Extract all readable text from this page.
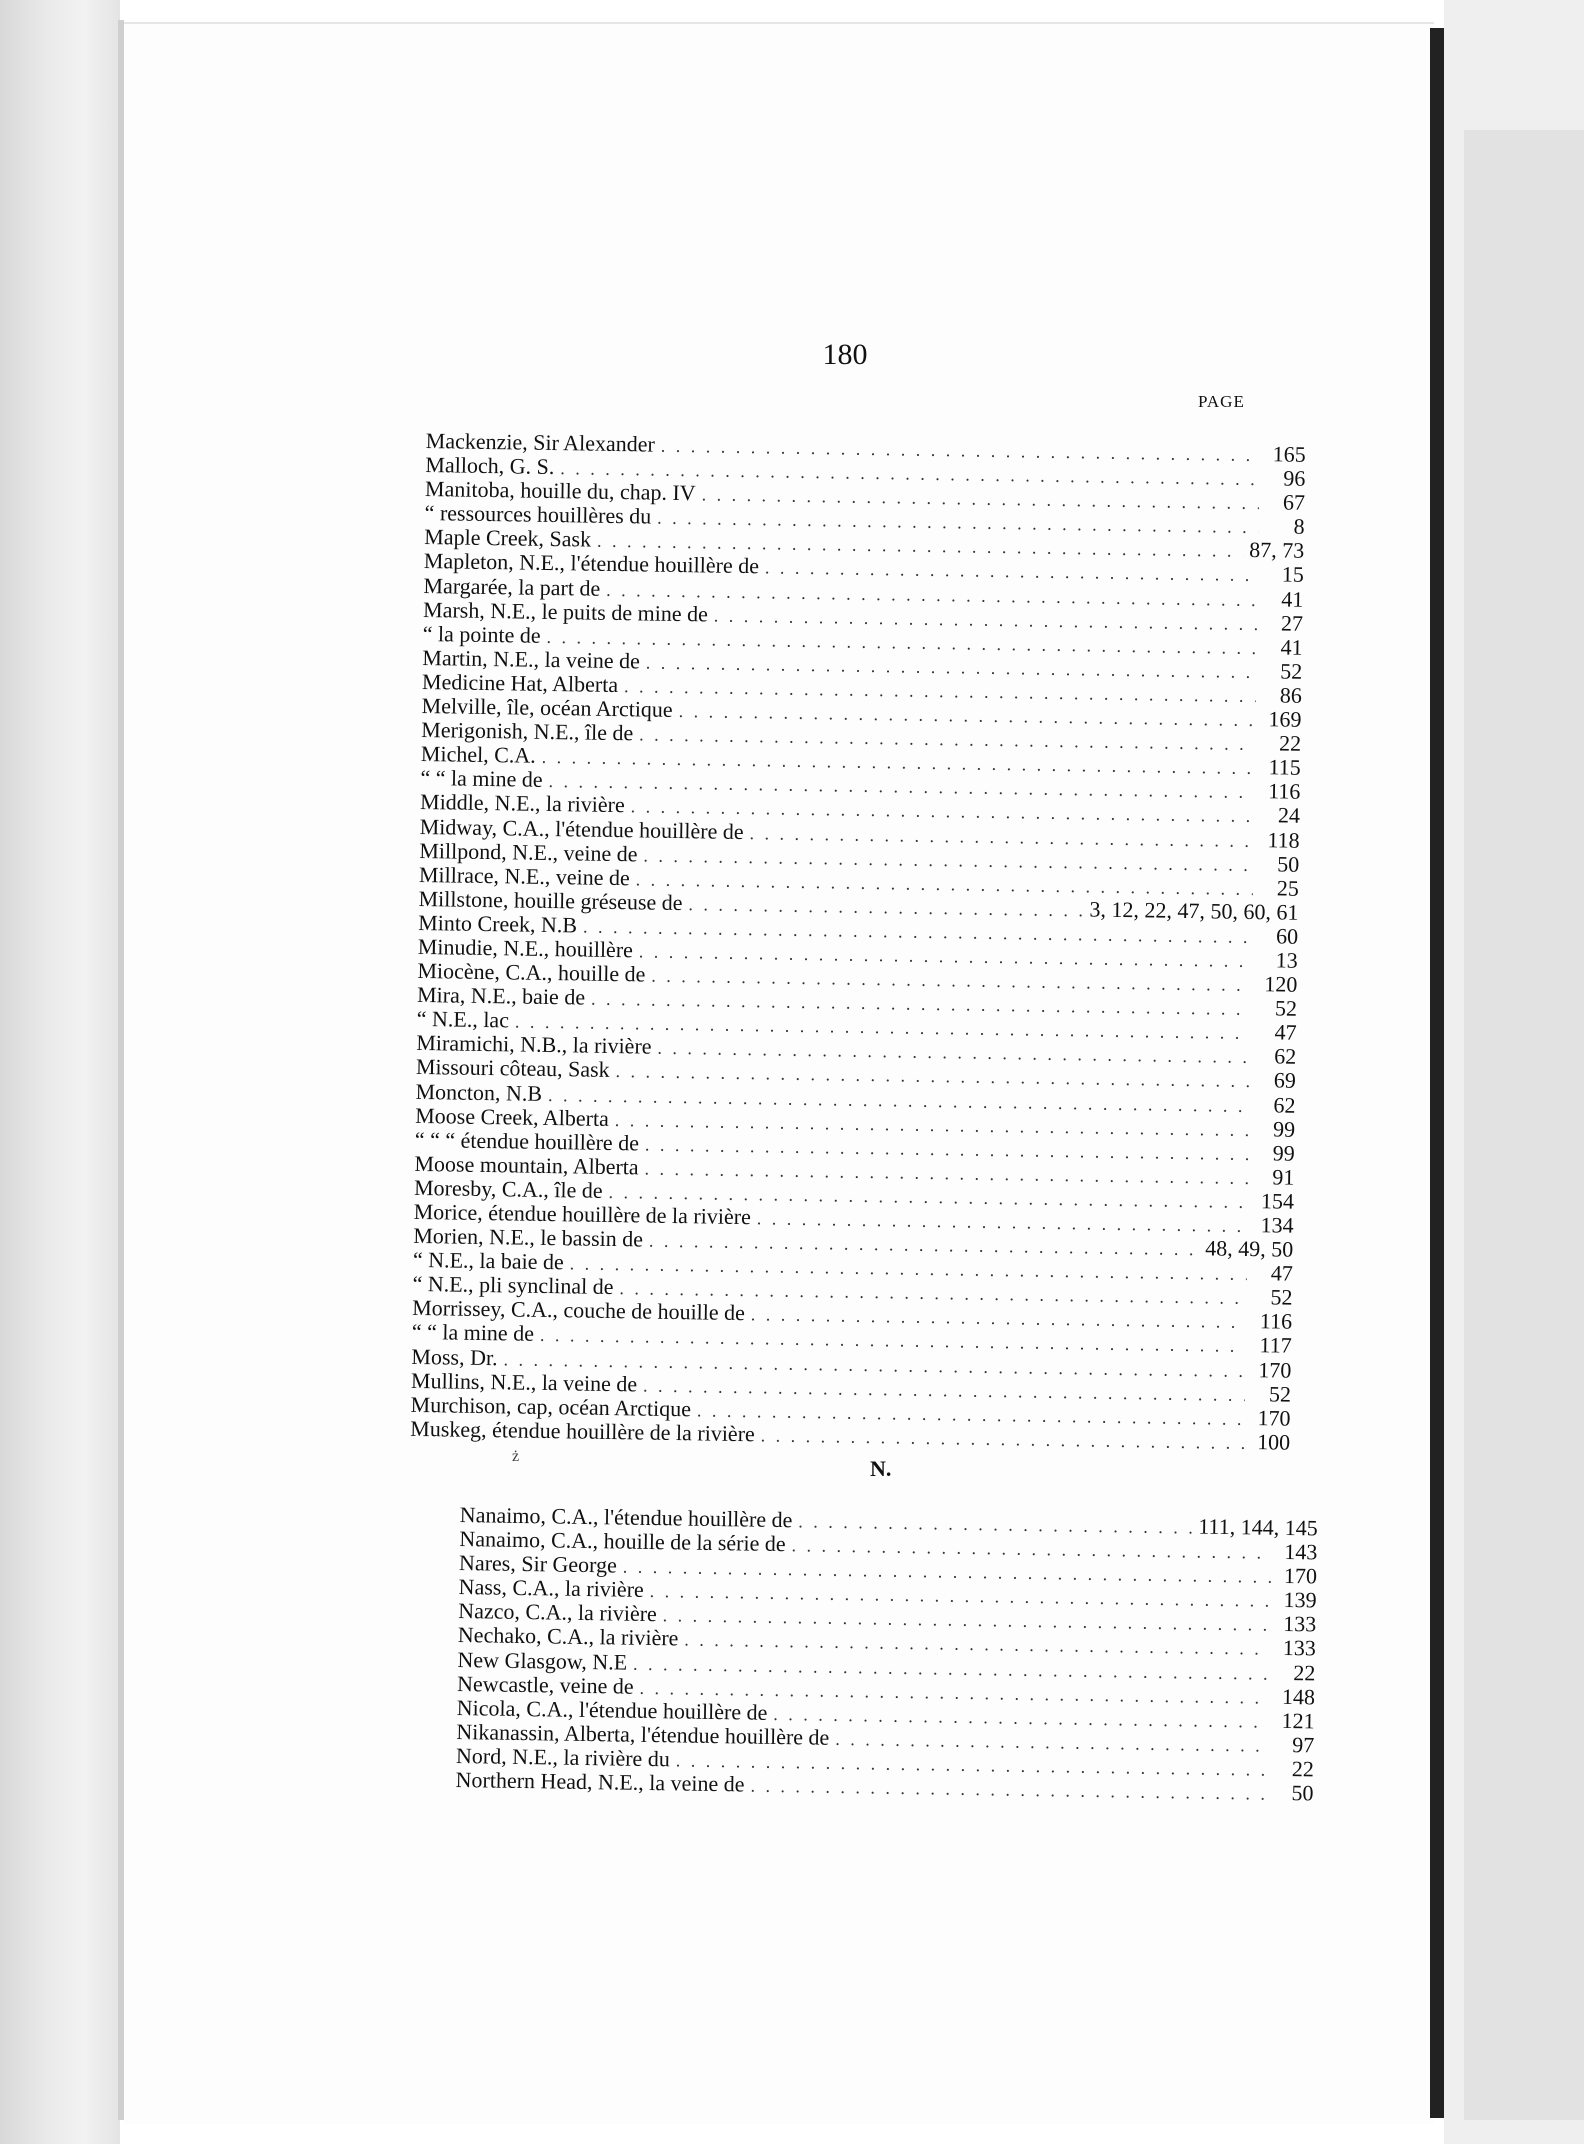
180
PAGE
Mackenzie, Sir Alexander . . .	165
Malloch, G. S. . . .	96
Manitoba, houille du, chap. IV . . .	67
“ ressources houillères du . . .	8
Maple Creek, Sask . . .	87, 73
Mapleton, N.E., l'étendue houillère de . . .	15
Margarée, la part de . . .	41
Marsh, N.E., le puits de mine de . . .	27
“ la pointe de . . .	41
Martin, N.E., la veine de . . .	52
Medicine Hat, Alberta . . .	86
Melville, île, océan Arctique . . .	169
Merigonish, N.E., île de . . .	22
Michel, C.A. . . .	115
“ “ la mine de . . .	116
Middle, N.E., la rivière . . .	24
Midway, C.A., l'étendue houillère de . . .	118
Millpond, N.E., veine de . . .	50
Millrace, N.E., veine de . . .	25
Millstone, houille gréseuse de . . .	3, 12, 22, 47, 50, 60, 61
Minto Creek, N.B . . .	60
Minudie, N.E., houillère . . .	13
Miocène, C.A., houille de . . .	120
Mira, N.E., baie de . . .	52
“ N.E., lac . . .	47
Miramichi, N.B., la rivière . . .	62
Missouri côteau, Sask . . .	69
Moncton, N.B . . .	62
Moose Creek, Alberta . . .	99
“ “ “ étendue houillère de . . .	99
Moose mountain, Alberta . . .	91
Moresby, C.A., île de . . .	154
Morice, étendue houillère de la rivière . . .	134
Morien, N.E., le bassin de . . .	48, 49, 50
“ N.E., la baie de . . .	47
“ N.E., pli synclinal de . . .	52
Morrissey, C.A., couche de houille de . . .	116
“ “ la mine de . . .	117
Moss, Dr. . . .	170
Mullins, N.E., la veine de . . .	52
Murchison, cap, océan Arctique . . .	170
Muskeg, étendue houillère de la rivière . . .	100
ż	N.
Nanaimo, C.A., l'étendue houillère de . . .	111, 144, 145
Nanaimo, C.A., houille de la série de . . .	143
Nares, Sir George . . .	170
Nass, C.A., la rivière . . .	139
Nazco, C.A., la rivière . . .	133
Nechako, C.A., la rivière . . .	133
New Glasgow, N.E . . .	22
Newcastle, veine de . . .	148
Nicola, C.A., l'étendue houillère de . . .	121
Nikanassin, Alberta, l'étendue houillère de . . .	97
Nord, N.E., la rivière du . . .	22
Northern Head, N.E., la veine de . . .	50
